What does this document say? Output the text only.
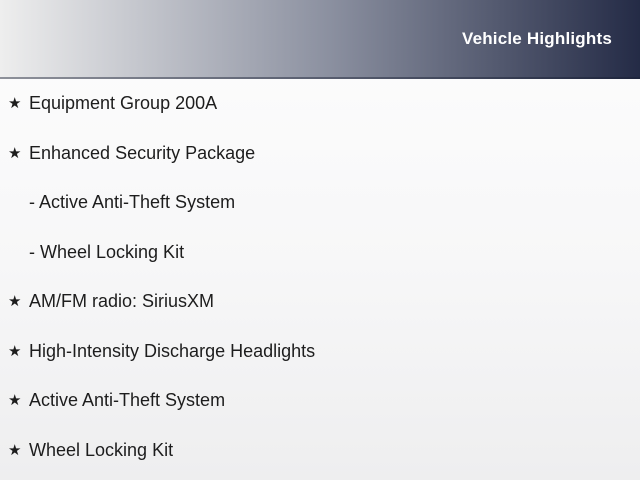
Vehicle Highlights
★ Equipment Group 200A
★ Enhanced Security Package
- Active Anti-Theft System
- Wheel Locking Kit
★ AM/FM radio: SiriusXM
★ High-Intensity Discharge Headlights
★ Active Anti-Theft System
★ Wheel Locking Kit
